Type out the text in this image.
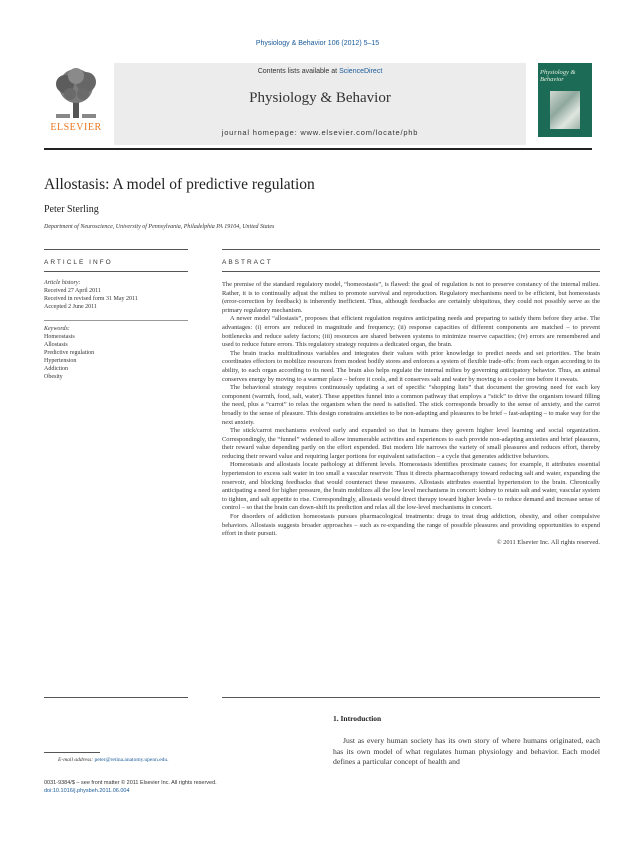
Physiology & Behavior 106 (2012) 5–15
ELSEVIER
Contents lists available at ScienceDirect
Physiology & Behavior
journal homepage: www.elsevier.com/locate/phb
Physiology & Behavior
Allostasis: A model of predictive regulation
Peter Sterling
Department of Neuroscience, University of Pennsylvania, Philadelphia PA 19104, United States
ARTICLE INFO	ABSTRACT
Article history:
Received 27 April 2011
Received in revised form 31 May 2011
Accepted 2 June 2011
Keywords:
Homeostasis
Allostasis
Predictive regulation
Hypertension
Addiction
Obesity

The premise of the standard regulatory model, “homeostasis”, is flawed: the goal of regulation is not to preserve constancy of the internal milieu. Rather, it is to continually adjust the milieu to promote survival and reproduction. Regulatory mechanisms need to be efficient, but homeostasis (error-correction by feedback) is inherently inefficient. Thus, although feedbacks are certainly ubiquitous, they could not possibly serve as the primary regulatory mechanism.

A newer model “allostasis”, proposes that efficient regulation requires anticipating needs and preparing to satisfy them before they arise. The advantages: (i) errors are reduced in magnitude and frequency; (ii) response capacities of different components are matched – to prevent bottlenecks and reduce safety factors; (iii) resources are shared between systems to minimize reserve capacities; (iv) errors are remembered and used to reduce future errors. This regulatory strategy requires a dedicated organ, the brain.

The brain tracks multitudinous variables and integrates their values with prior knowledge to predict needs and set priorities. The brain coordinates effectors to mobilize resources from modest bodily stores and enforces a system of flexible trade-offs: from each organ according to its ability, to each organ according to its need. The brain also helps regulate the internal milieu by governing anticipatory behavior. Thus, an animal conserves energy by moving to a warmer place – before it cools, and it conserves salt and water by moving to a cooler one before it sweats.

The behavioral strategy requires continuously updating a set of specific “shopping lists” that document the growing need for each key component (warmth, food, salt, water). These appetites funnel into a common pathway that employs a “stick” to drive the organism toward filling the need, plus a “carrot” to relax the organism when the need is satisfied. The stick corresponds broadly to the sense of anxiety, and the carrot broadly to the sense of pleasure. This design constrains anxieties to be non-adapting and pleasures to be brief – fast-adapting – to make way for the next anxiety.

The stick/carrot mechanisms evolved early and expanded so that in humans they govern higher level learning and social organization. Correspondingly, the “funnel” widened to allow innumerable activities and experiences to each provide non-adapting anxieties and brief pleasures, their reward value depending partly on the effort expended. But modern life narrows the variety of small pleasures and reduces effort, thereby reducing their reward value and requiring larger portions for equivalent satisfaction – a cycle that generates addictive behaviors.

Homeostasis and allostasis locate pathology at different levels. Homeostasis identifies proximate causes; for example, it attributes essential hypertension to excess salt water in too small a vascular reservoir. Thus it directs pharmacotherapy toward reducing salt and water, expanding the reservoir, and blocking feedbacks that would counteract these measures. Allostasis attributes essential hypertension to the brain. Chronically anticipating a need for higher pressure, the brain mobilizes all the low level mechanisms in concert: kidney to retain salt and water, vascular system to tighten, and salt appetite to rise. Correspondingly, allostasis would direct therapy toward higher levels – to reduce demand and increase sense of control – so that the brain can down-shift its prediction and relax all the low-level mechanisms in concert.

For disorders of addiction homeostasis pursues pharmacological treatments: drugs to treat drug addiction, obesity, and other compulsive behaviors. Allostasis suggests broader approaches – such as re-expanding the range of possible pleasures and providing opportunities to expend effort in their pursuit.

© 2011 Elsevier Inc. All rights reserved.
1. Introduction
Just as every human society has its own story of where humans originated, each has its own model of what regulates human physiology and behavior. Each model defines a particular concept of health and
E-mail address: peter@retina.anatomy.upenn.edu.
0031-9384/$ – see front matter © 2011 Elsevier Inc. All rights reserved.
doi:10.1016/j.physbeh.2011.06.004
